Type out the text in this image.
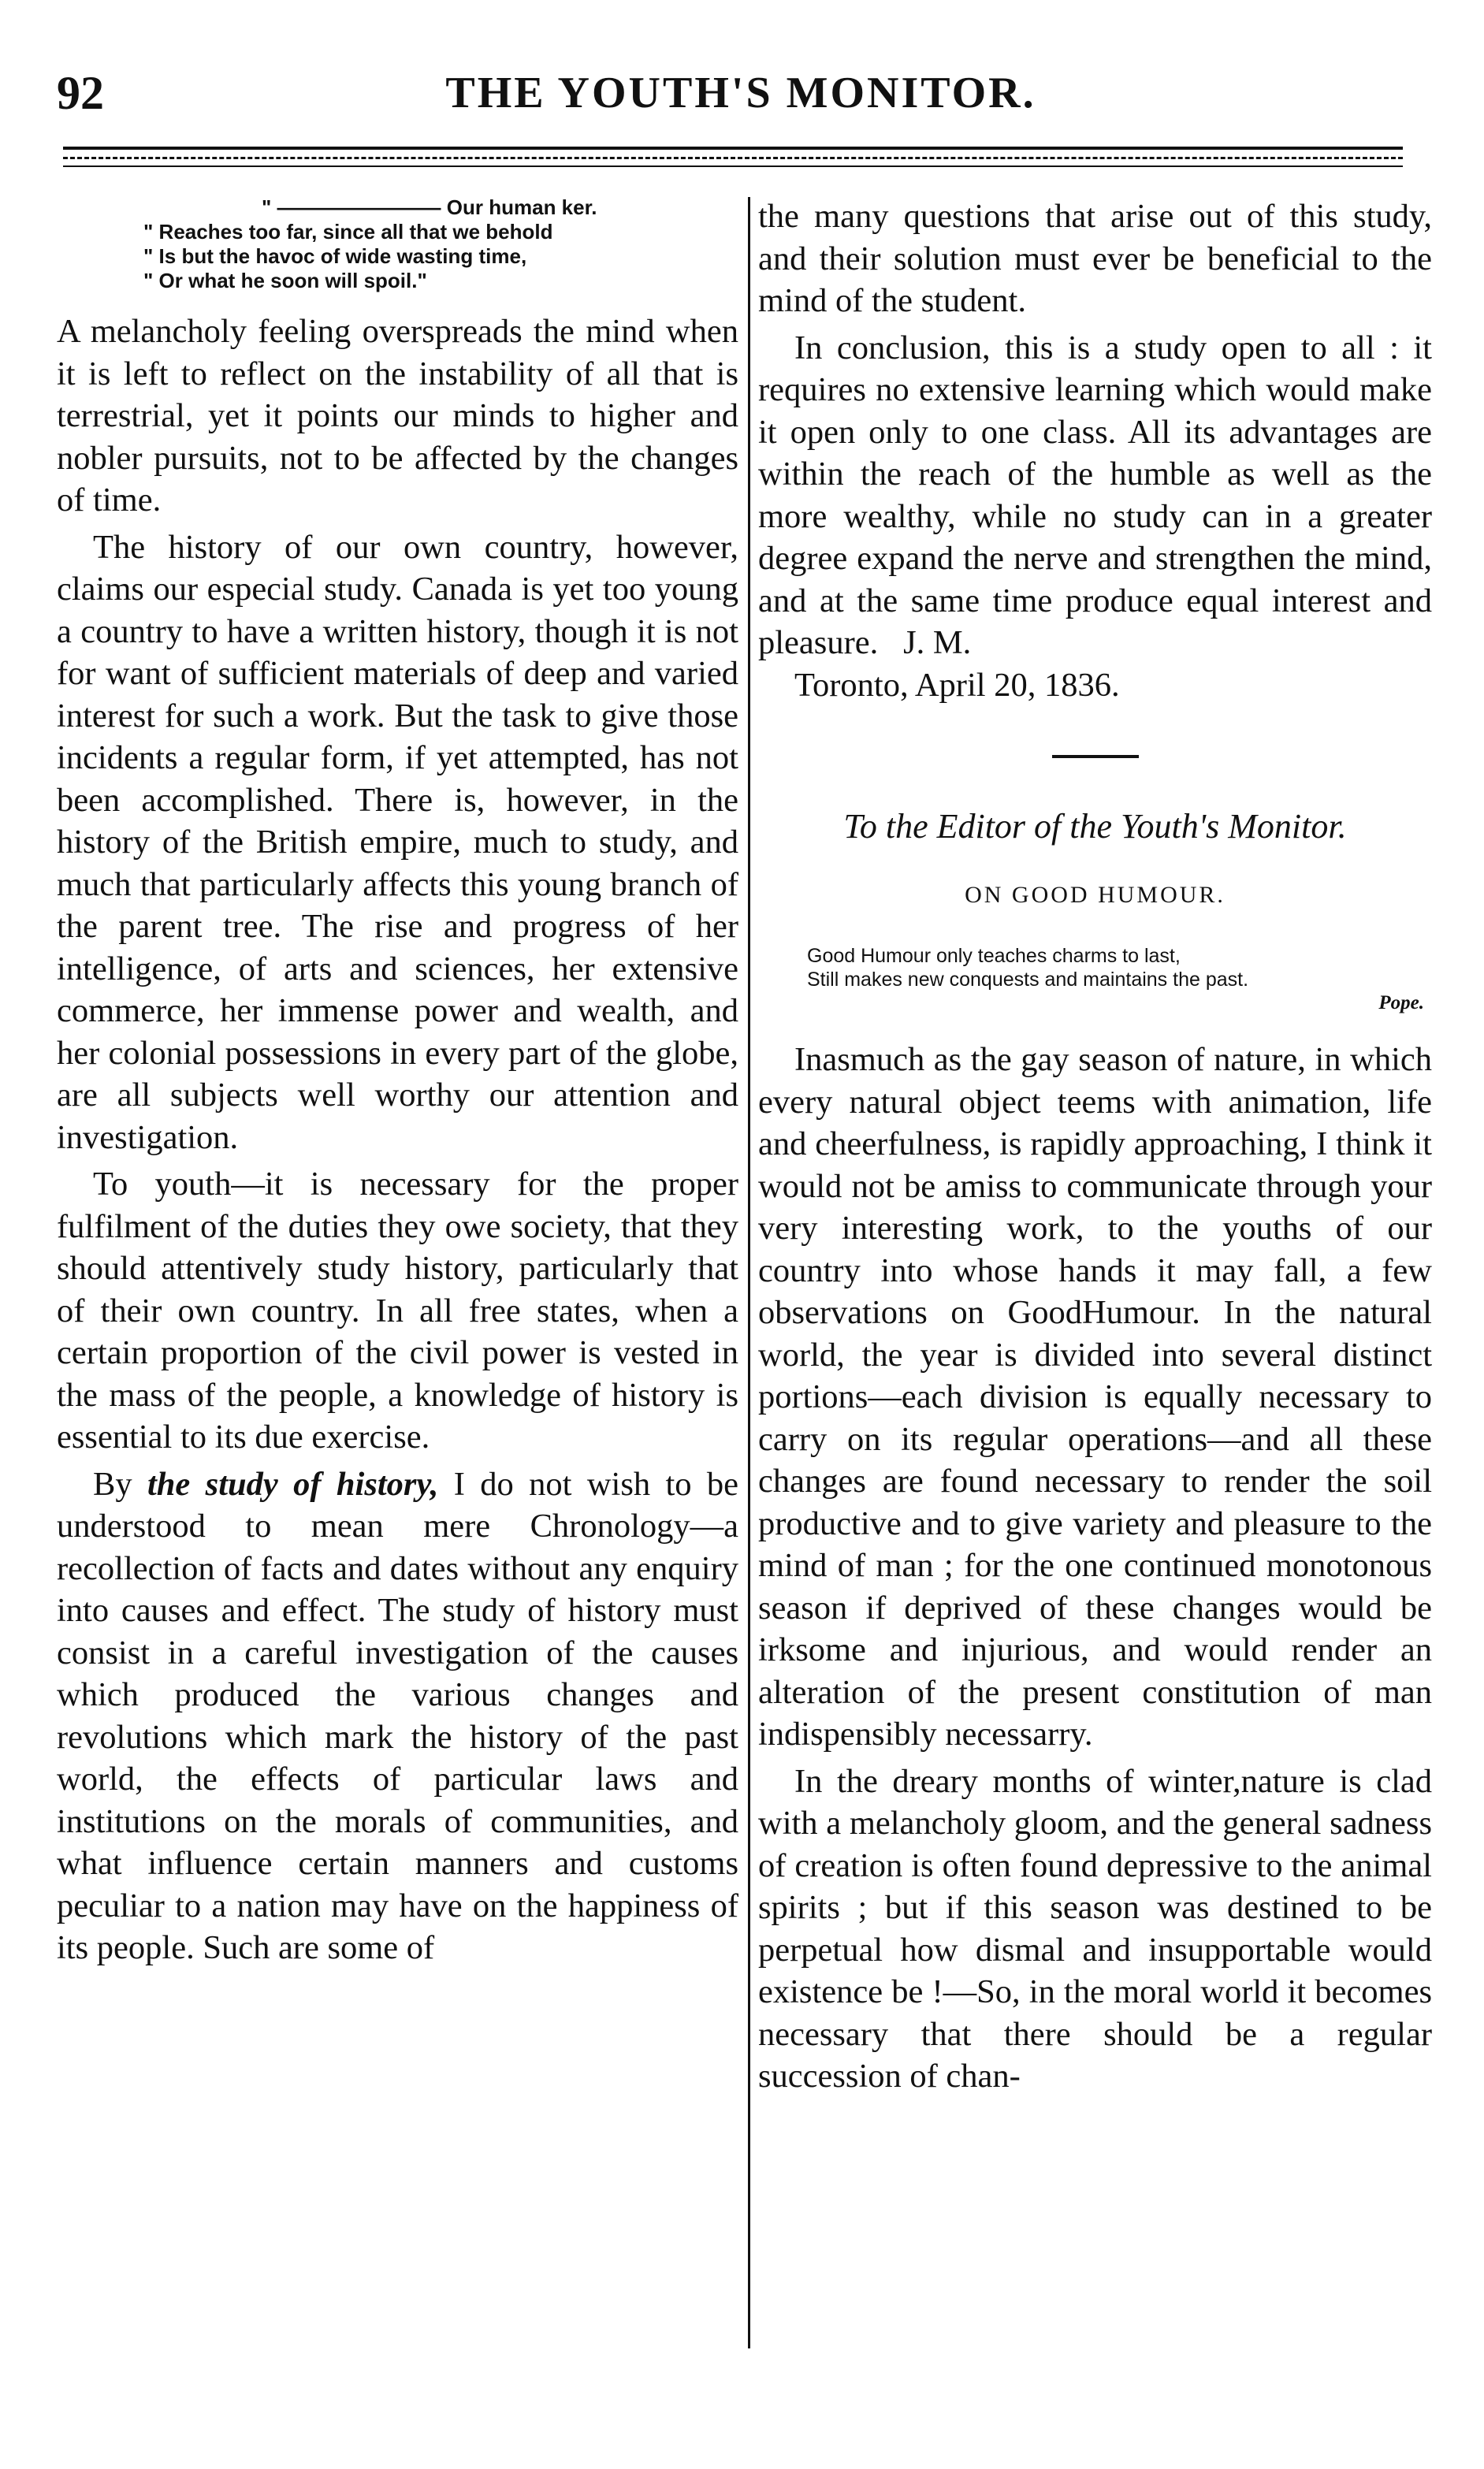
92	THE YOUTH'S MONITOR.
" ———————— Our human ker.
" Reaches too far, since all that we behold
" Is but the havoc of wide wasting time,
" Or what he soon will spoil."

A melancholy feeling overspreads the mind when it is left to reflect on the instability of all that is terrestrial, yet it points our minds to higher and nobler pursuits, not to be affected by the changes of time.

The history of our own country, however, claims our especial study. Canada is yet too young a country to have a written history, though it is not for want of sufficient materials of deep and varied interest for such a work. But the task to give those incidents a regular form, if yet attempted, has not been accomplished. There is, however, in the history of the British empire, much to study, and much that particularly affects this young branch of the parent tree. The rise and progress of her intelligence, of arts and sciences, her extensive commerce, her immense power and wealth, and her colonial possessions in every part of the globe, are all subjects well worthy our attention and investigation.

To youth—it is necessary for the proper fulfilment of the duties they owe society, that they should attentively study history, particularly that of their own country. In all free states, when a certain proportion of the civil power is vested in the mass of the people, a knowledge of history is essential to its due exercise.

By the study of history, I do not wish to be understood to mean mere Chronology—a recollection of facts and dates without any enquiry into causes and effect. The study of history must consist in a careful investigation of the causes which produced the various changes and revolutions which mark the history of the past world, the effects of particular laws and institutions on the morals of communities, and what influence certain manners and customs peculiar to a nation may have on the happiness of its people. Such are some of

the many questions that arise out of this study, and their solution must ever be beneficial to the mind of the student.

In conclusion, this is a study open to all : it requires no extensive learning which would make it open only to one class. All its advantages are within the reach of the humble as well as the more wealthy, while no study can in a greater degree expand the nerve and strengthen the mind, and at the same time produce equal interest and pleasure. J. M.

Toronto, April 20, 1836.

To the Editor of the Youth's Monitor.

ON GOOD HUMOUR.

Good Humour only teaches charms to last,
Still makes new conquests and maintains the past.
Pope.

Inasmuch as the gay season of nature, in which every natural object teems with animation, life and cheerfulness, is rapidly approaching, I think it would not be amiss to communicate through your very interesting work, to the youths of our country into whose hands it may fall, a few observations on GoodHumour. In the natural world, the year is divided into several distinct portions—each division is equally necessary to carry on its regular operations—and all these changes are found necessary to render the soil productive and to give variety and pleasure to the mind of man ; for the one continued monotonous season if deprived of these changes would be irksome and injurious, and would render an alteration of the present constitution of man indispensibly necessarry.

In the dreary months of winter,nature is clad with a melancholy gloom, and the general sadness of creation is often found depressive to the animal spirits ; but if this season was destined to be perpetual how dismal and insupportable would existence be !—So, in the moral world it becomes necessary that there should be a regular succession of chan-
